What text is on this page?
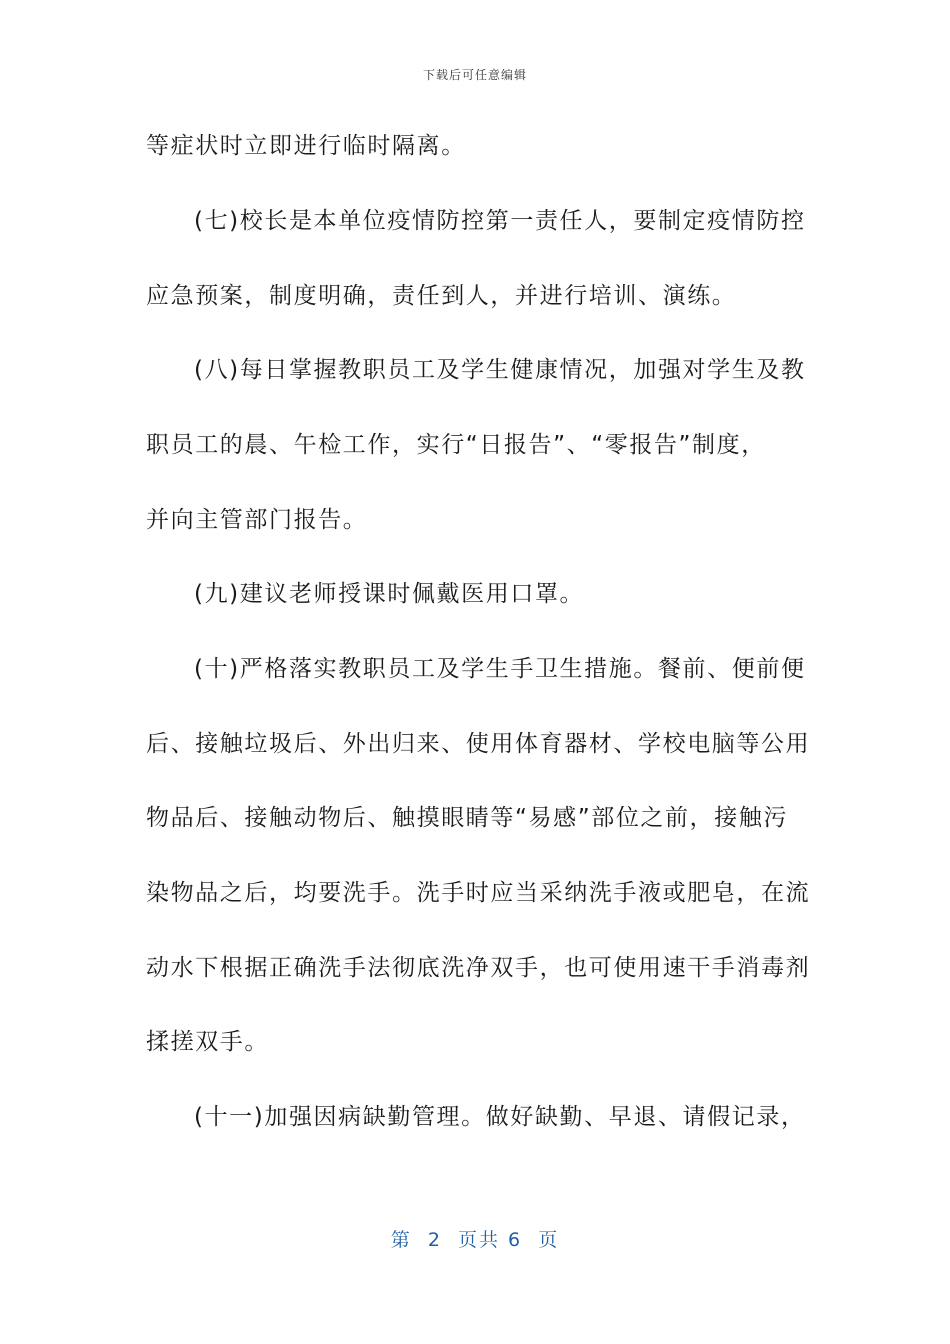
下载后可任意编辑
等症状时立即进行临时隔离。
(七)校长是本单位疫情防控第一责任人，要制定疫情防控
应急预案，制度明确，责任到人，并进行培训、演练。
(八)每日掌握教职员工及学生健康情况，加强对学生及教
职员工的晨、午检工作，实行“日报告”、“零报告”制度，
并向主管部门报告。
(九)建议老师授课时佩戴医用口罩。
(十)严格落实教职员工及学生手卫生措施。餐前、便前便
后、接触垃圾后、外出归来、使用体育器材、学校电脑等公用
物品后、接触动物后、触摸眼睛等“易感”部位之前，接触污
染物品之后，均要洗手。洗手时应当采纳洗手液或肥皂，在流
动水下根据正确洗手法彻底洗净双手，也可使用速干手消毒剂
揉搓双手。
(十一)加强因病缺勤管理。做好缺勤、早退、请假记录，
第  2  页共 6  页
